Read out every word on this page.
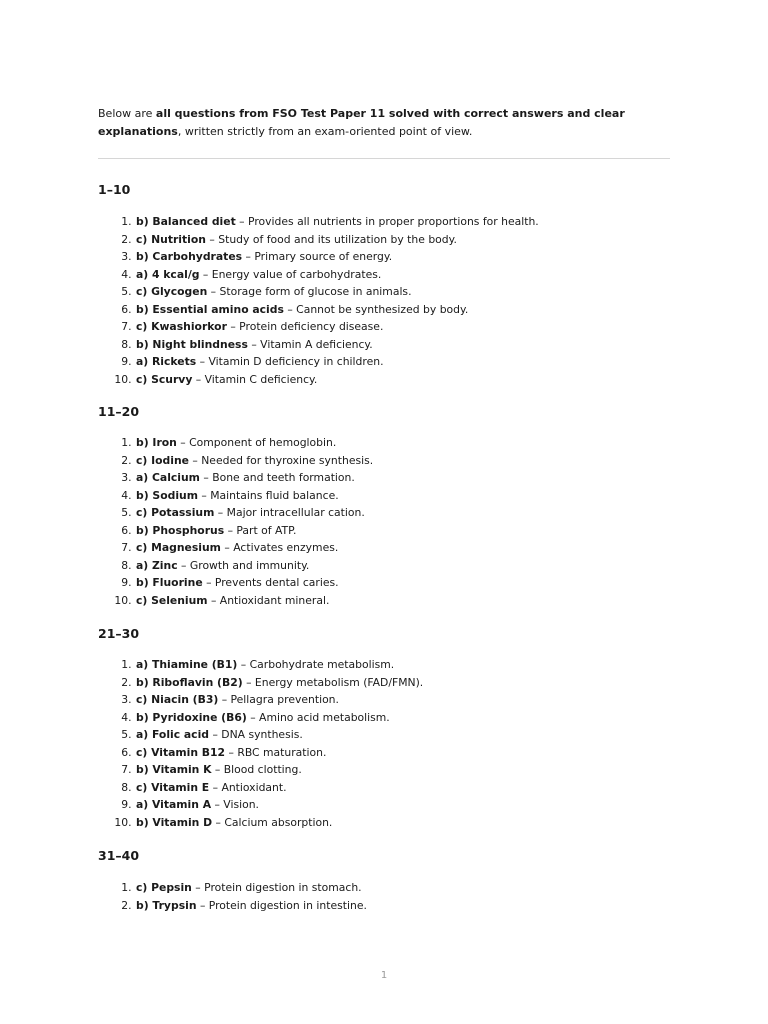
Below are all questions from FSO Test Paper 11 solved with correct answers and clear explanations, written strictly from an exam-oriented point of view.

1–10
1. b) Balanced diet – Provides all nutrients in proper proportions for health.
2. c) Nutrition – Study of food and its utilization by the body.
3. b) Carbohydrates – Primary source of energy.
4. a) 4 kcal/g – Energy value of carbohydrates.
5. c) Glycogen – Storage form of glucose in animals.
6. b) Essential amino acids – Cannot be synthesized by body.
7. c) Kwashiorkor – Protein deficiency disease.
8. b) Night blindness – Vitamin A deficiency.
9. a) Rickets – Vitamin D deficiency in children.
10. c) Scurvy – Vitamin C deficiency.
11–20
1. b) Iron – Component of hemoglobin.
2. c) Iodine – Needed for thyroxine synthesis.
3. a) Calcium – Bone and teeth formation.
4. b) Sodium – Maintains fluid balance.
5. c) Potassium – Major intracellular cation.
6. b) Phosphorus – Part of ATP.
7. c) Magnesium – Activates enzymes.
8. a) Zinc – Growth and immunity.
9. b) Fluorine – Prevents dental caries.
10. c) Selenium – Antioxidant mineral.
21–30
1. a) Thiamine (B1) – Carbohydrate metabolism.
2. b) Riboflavin (B2) – Energy metabolism (FAD/FMN).
3. c) Niacin (B3) – Pellagra prevention.
4. b) Pyridoxine (B6) – Amino acid metabolism.
5. a) Folic acid – DNA synthesis.
6. c) Vitamin B12 – RBC maturation.
7. b) Vitamin K – Blood clotting.
8. c) Vitamin E – Antioxidant.
9. a) Vitamin A – Vision.
10. b) Vitamin D – Calcium absorption.
31–40
1. c) Pepsin – Protein digestion in stomach.
2. b) Trypsin – Protein digestion in intestine.
1
